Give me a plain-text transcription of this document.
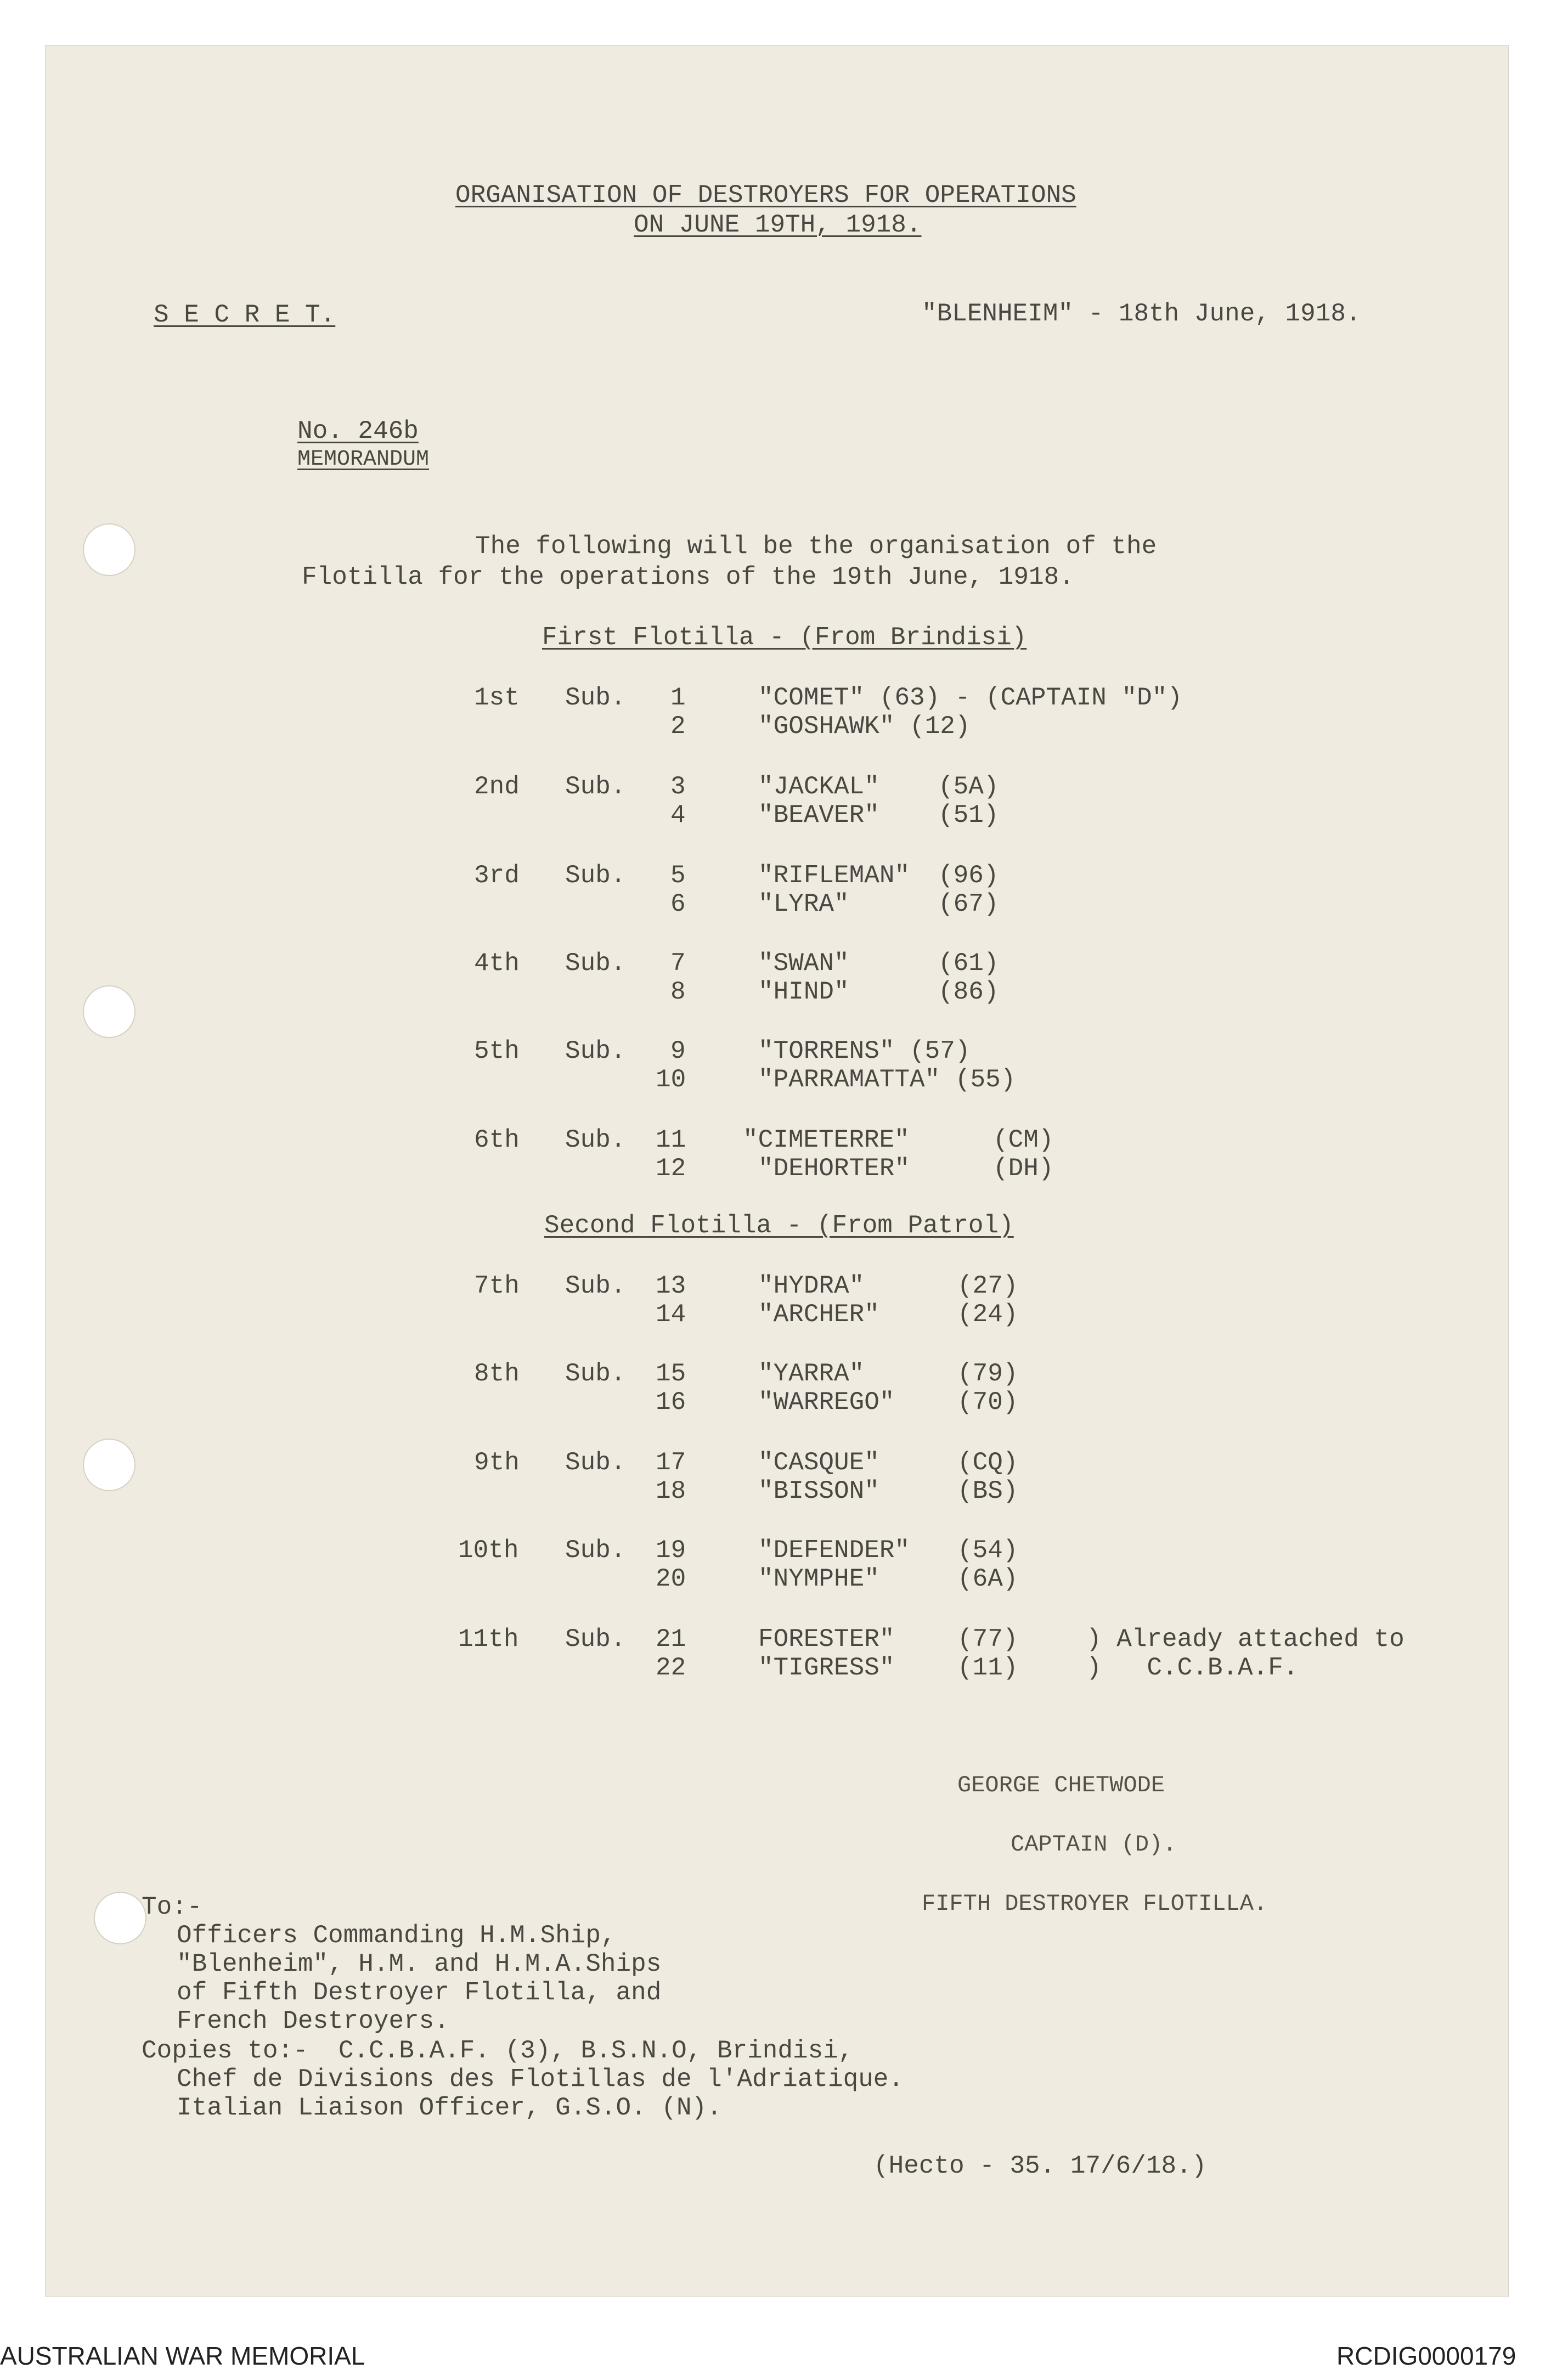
ORGANISATION OF DESTROYERS FOR OPERATIONS
ON JUNE 19TH, 1918.
S E C R E T.	"BLENHEIM" - 18th June, 1918.
No. 246b
MEMORANDUM
The following will be the organisation of the
Flotilla for the operations of the 19th June, 1918.
First Flotilla - (From Brindisi)
1st Sub. 1	"COMET" (63) - (CAPTAIN "D")
2	"GOSHAWK" (12)
2nd Sub. 3	"JACKAL" (5A)
4	"BEAVER" (51)
3rd Sub. 5	"RIFLEMAN" (96)
6	"LYRA"	(67)
4th Sub. 7	"SWAN"	(61)
8	"HIND"	(86)
5th Sub. 9	"TORRENS" (57)
10	"PARRAMATTA" (55)
6th Sub. 11 "CIMETERRE"	(CM)
12	"DEHORTER"	(DH)
Second Flotilla - (From Patrol)
7th Sub. 13	"HYDRA"	(27)
14	"ARCHER"	(24)
8th Sub. 15	"YARRA"	(79)
16	"WARREGO" (70)
9th Sub. 17	"CASQUE"	(CQ)
18	"BISSON"	(BS)
10th Sub. 19	"DEFENDER" (54)
20	"NYMPHE"	(6A)
11th Sub. 21	FORESTER" (77)
22	"TIGRESS" (11)
) Already attached to
)   C.C.B.A.F.
GEORGE CHETWODE
CAPTAIN (D).
FIFTH DESTROYER FLOTILLA.
To:-
Officers Commanding H.M.Ship,
"Blenheim", H.M. and H.M.A.Ships
of Fifth Destroyer Flotilla, and
French Destroyers.
Copies to:-  C.C.B.A.F. (3), B.S.N.O, Brindisi,
Chef de Divisions des Flotillas de l'Adriatique.
Italian Liaison Officer, G.S.O. (N).
(Hecto - 35. 17/6/18.)
AUSTRALIAN WAR MEMORIAL	RCDIG0000179
